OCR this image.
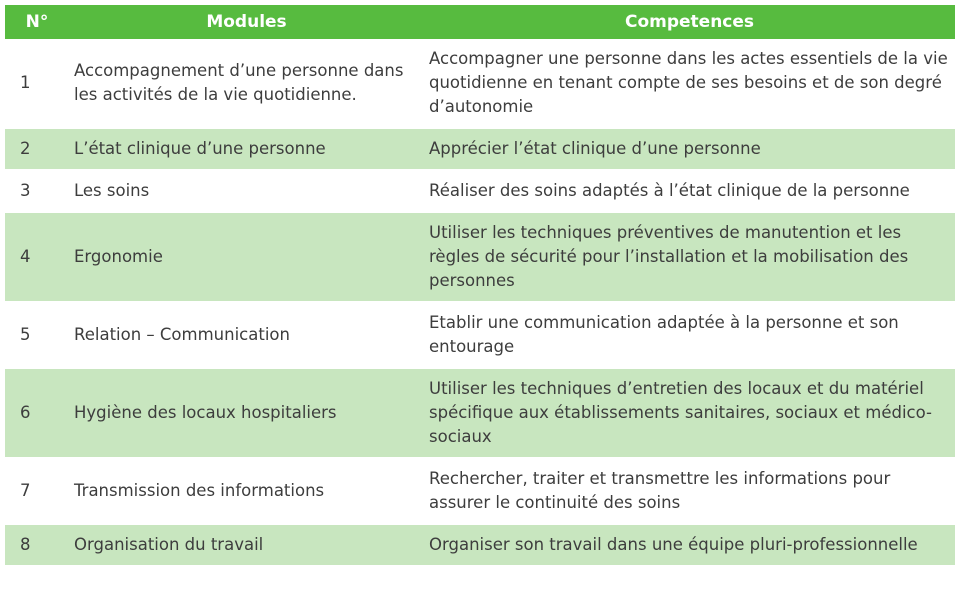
N°	Modules	Competences
1	Accompagnement d’une personne dans les activités de la vie quotidienne.	Accompagner une personne dans les actes essentiels de la vie quotidienne en tenant compte de ses besoins et de son degré d’autonomie
2	L’état clinique d’une personne	Apprécier l’état clinique d’une personne
3	Les soins	Réaliser des soins adaptés à l’état clinique de la personne
4	Ergonomie	Utiliser les techniques préventives de manutention et les règles de sécurité pour l’installation et la mobilisation des personnes
5	Relation – Communication	Etablir une communication adaptée à la personne et son entourage
6	Hygiène des locaux hospitaliers	Utiliser les techniques d’entretien des locaux et du matériel spécifique aux établissements sanitaires, sociaux et médico-sociaux
7	Transmission des informations	Rechercher, traiter et transmettre les informations pour assurer le continuité des soins
8	Organisation du travail	Organiser son travail dans une équipe pluri-professionnelle
